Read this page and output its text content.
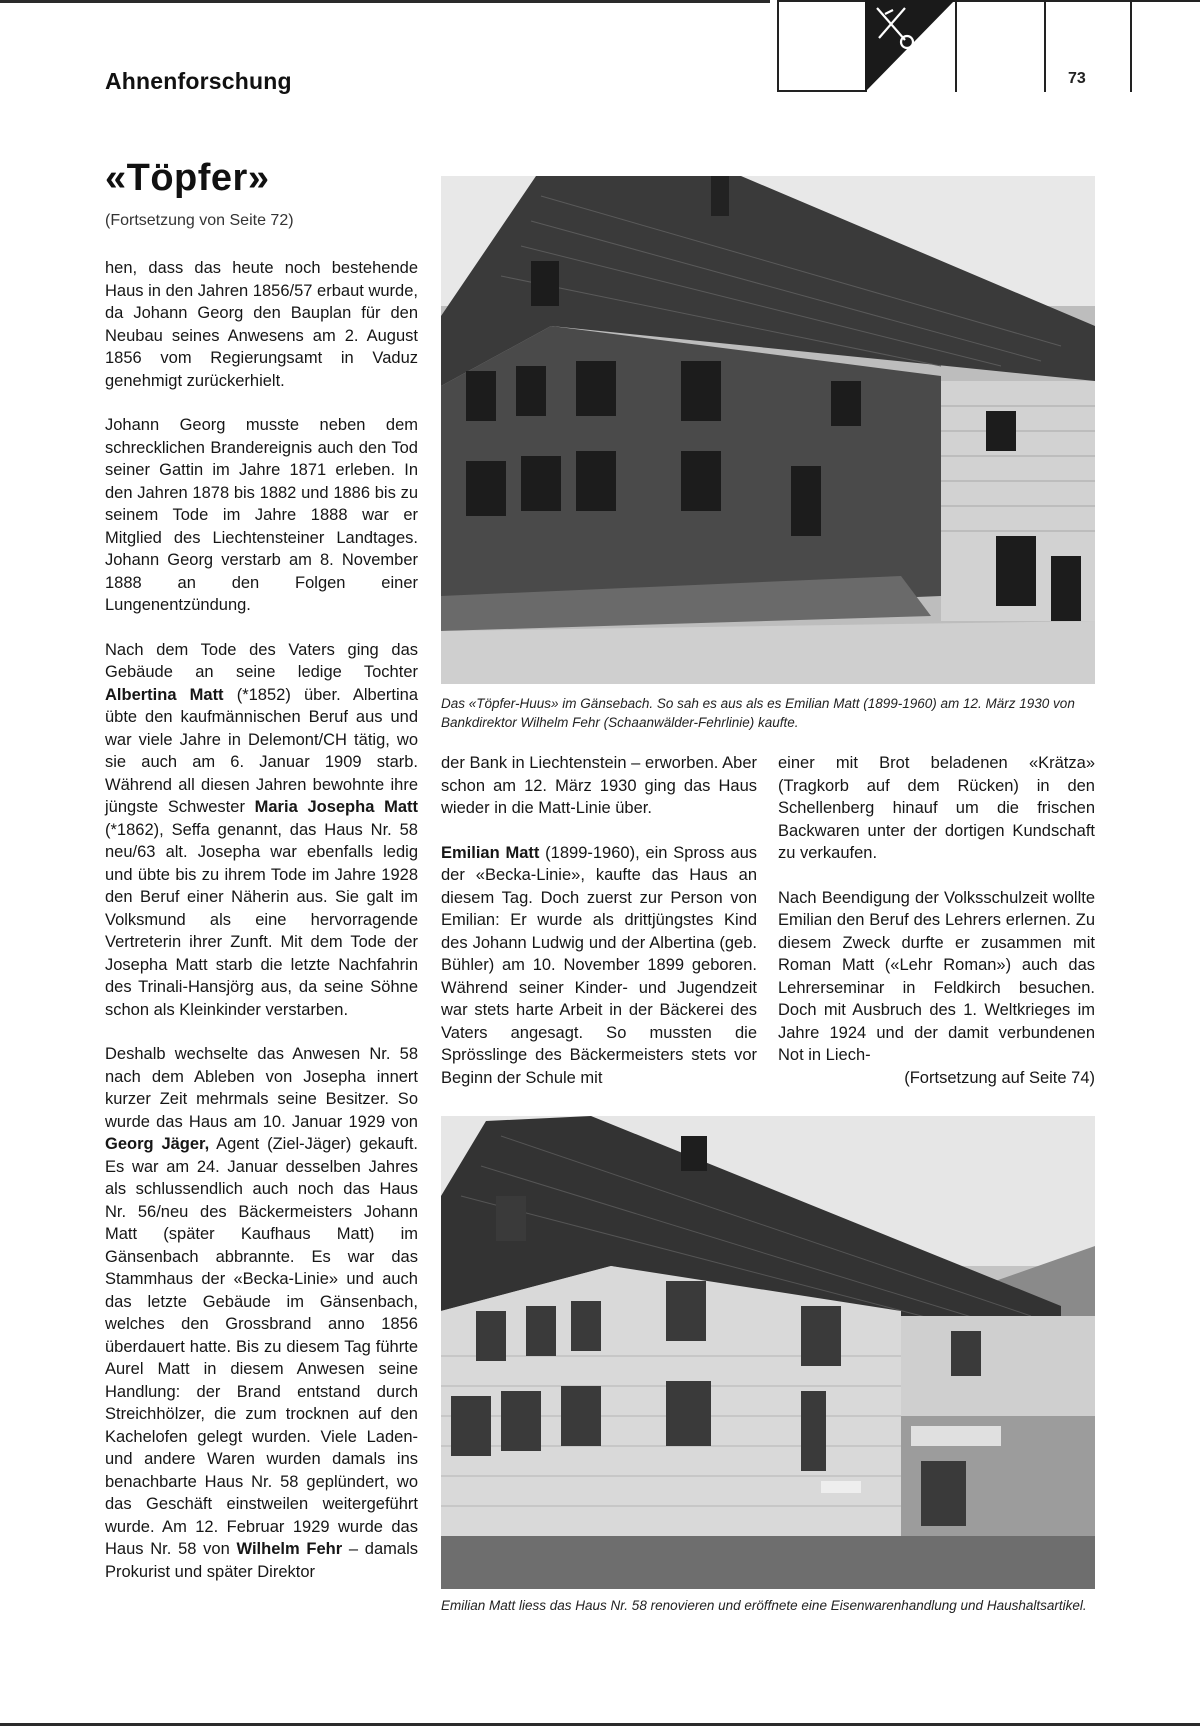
Ahnenforschung	73
«Töpfer»
(Fortsetzung von Seite 72)

hen, dass das heute noch bestehende Haus in den Jahren 1856/57 erbaut wurde, da Johann Georg den Bauplan für den Neubau seines Anwesens am 2. August 1856 vom Regierungsamt in Vaduz genehmigt zurückerhielt.

Johann Georg musste neben dem schrecklichen Brandereignis auch den Tod seiner Gattin im Jahre 1871 erleben. In den Jahren 1878 bis 1882 und 1886 bis zu seinem Tode im Jahre 1888 war er Mitglied des Liechtensteiner Landtages. Johann Georg verstarb am 8. November 1888 an den Folgen einer Lungenentzündung.

Nach dem Tode des Vaters ging das Gebäude an seine ledige Tochter Albertina Matt (*1852) über. Albertina übte den kaufmännischen Beruf aus und war viele Jahre in Delemont/CH tätig, wo sie auch am 6. Januar 1909 starb. Während all diesen Jahren bewohnte ihre jüngste Schwester Maria Josepha Matt (*1862), Seffa genannt, das Haus Nr. 58 neu/63 alt. Josepha war ebenfalls ledig und übte bis zu ihrem Tode im Jahre 1928 den Beruf einer Näherin aus. Sie galt im Volksmund als eine hervorragende Vertreterin ihrer Zunft. Mit dem Tode der Josepha Matt starb die letzte Nachfahrin des Trinali-Hansjörg aus, da seine Söhne schon als Kleinkinder verstarben.

Deshalb wechselte das Anwesen Nr. 58 nach dem Ableben von Josepha innert kurzer Zeit mehrmals seine Besitzer. So wurde das Haus am 10. Januar 1929 von Georg Jäger, Agent (Ziel-Jäger) gekauft. Es war am 24. Januar desselben Jahres als schlussendlich auch noch das Haus Nr. 56/neu des Bäckermeisters Johann Matt (später Kaufhaus Matt) im Gänsenbach abbrannte. Es war das Stammhaus der «Becka-Linie» und auch das letzte Gebäude im Gänsenbach, welches den Grossbrand anno 1856 überdauert hatte. Bis zu diesem Tag führte Aurel Matt in diesem Anwesen seine Handlung: der Brand entstand durch Streichhölzer, die zum trocknen auf den Kachelofen gelegt wurden. Viele Laden- und andere Waren wurden damals ins benachbarte Haus Nr. 58 geplündert, wo das Geschäft einstweilen weitergeführt wurde. Am 12. Februar 1929 wurde das Haus Nr. 58 von Wilhelm Fehr – damals Prokurist und später Direktor

Das «Töpfer-Huus» im Gänsebach. So sah es aus als es Emilian Matt (1899-1960) am 12. März 1930 von Bankdirektor Wilhelm Fehr (Schaanwälder-Fehrlinie) kaufte.

der Bank in Liechtenstein – erworben. Aber schon am 12. März 1930 ging das Haus wieder in die Matt-Linie über.

Emilian Matt (1899-1960), ein Spross aus der «Becka-Linie», kaufte das Haus an diesem Tag. Doch zuerst zur Person von Emilian: Er wurde als drittjüngstes Kind des Johann Ludwig und der Albertina (geb. Bühler) am 10. November 1899 geboren. Während seiner Kinder- und Jugendzeit war stets harte Arbeit in der Bäckerei des Vaters angesagt. So mussten die Sprösslinge des Bäckermeisters stets vor Beginn der Schule mit

einer mit Brot beladenen «Krätza» (Tragkorb auf dem Rücken) in den Schellenberg hinauf um die frischen Backwaren unter der dortigen Kundschaft zu verkaufen.

Nach Beendigung der Volksschulzeit wollte Emilian den Beruf des Lehrers erlernen. Zu diesem Zweck durfte er zusammen mit Roman Matt («Lehr Roman») auch das Lehrerseminar in Feldkirch besuchen. Doch mit Ausbruch des 1. Weltkrieges im Jahre 1924 und der damit verbundenen Not in Liech-

(Fortsetzung auf Seite 74)
Emilian Matt liess das Haus Nr. 58 renovieren und eröffnete eine Eisenwarenhandlung und Haushaltsartikel.
